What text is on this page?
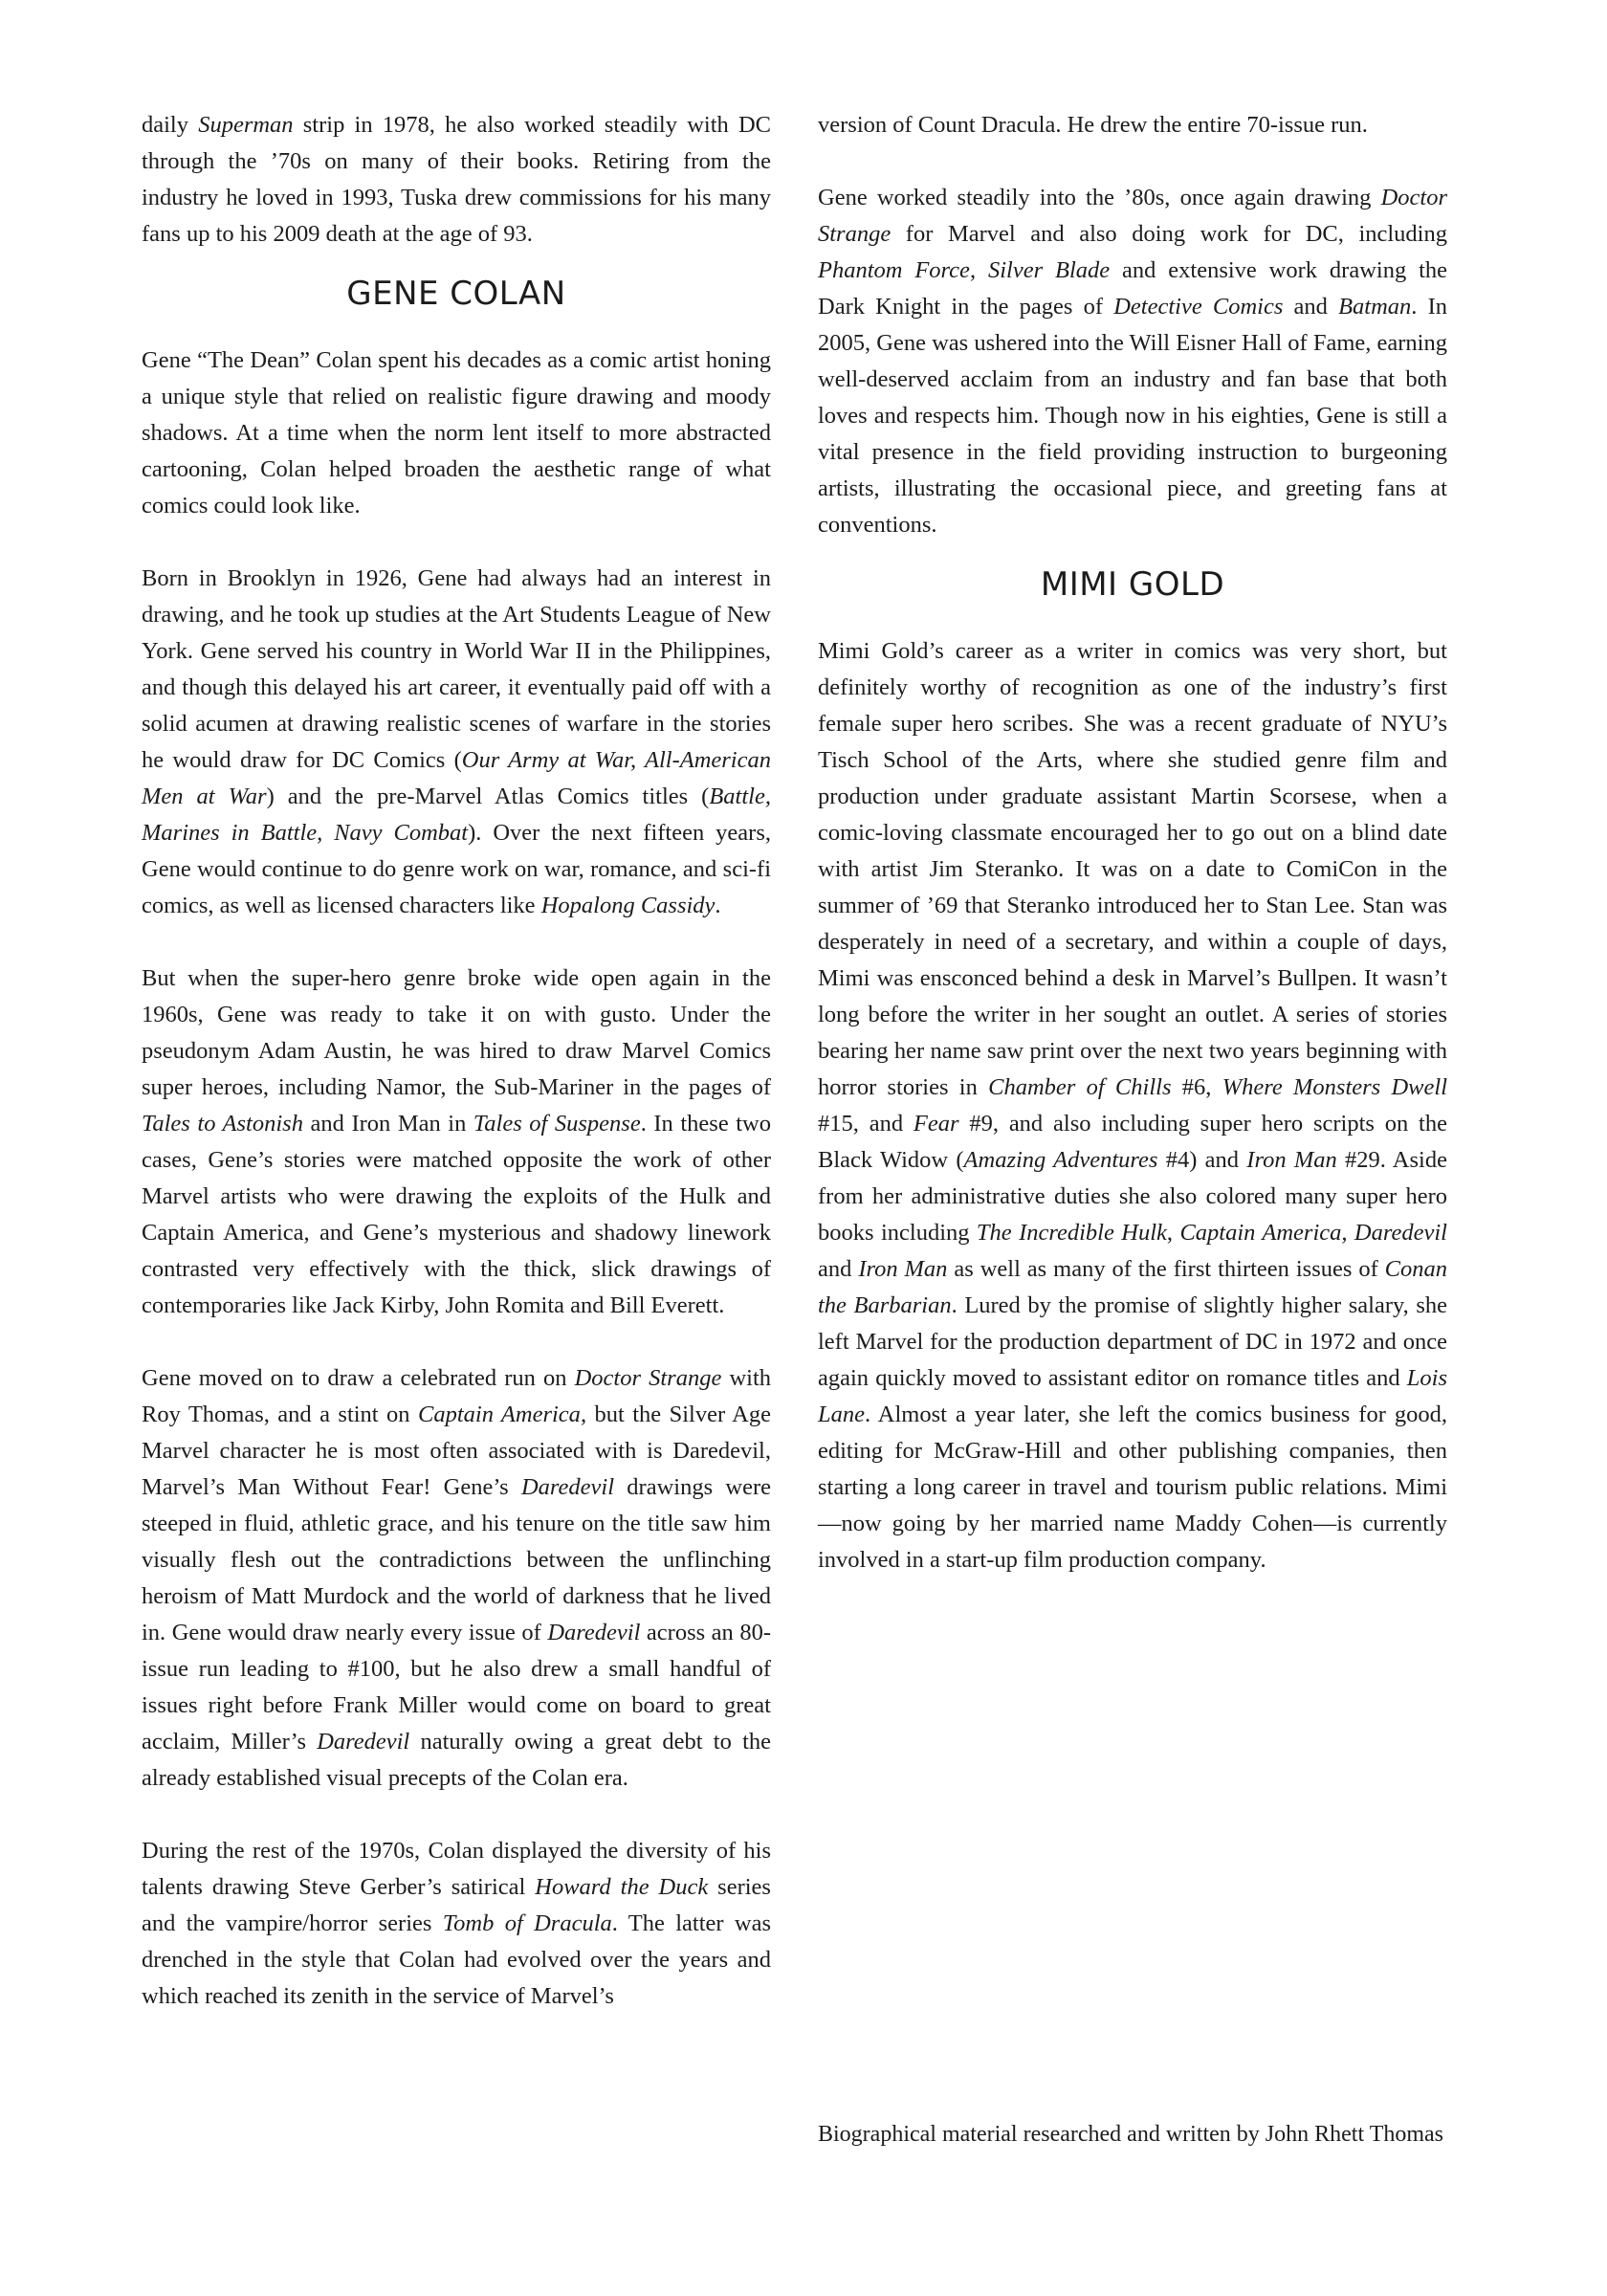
daily Superman strip in 1978, he also worked steadily with DC through the ’70s on many of their books. Retiring from the industry he loved in 1993, Tuska drew commissions for his many fans up to his 2009 death at the age of 93.

GENE COLAN

Gene “The Dean” Colan spent his decades as a comic artist honing a unique style that relied on realistic figure drawing and moody shadows. At a time when the norm lent itself to more abstracted cartooning, Colan helped broaden the aesthetic range of what comics could look like.

Born in Brooklyn in 1926, Gene had always had an interest in drawing, and he took up studies at the Art Students League of New York. Gene served his country in World War II in the Philippines, and though this delayed his art career, it eventually paid off with a solid acumen at drawing realistic scenes of warfare in the stories he would draw for DC Comics (Our Army at War, All-American Men at War) and the pre-Marvel Atlas Comics titles (Battle, Marines in Battle, Navy Combat). Over the next fifteen years, Gene would continue to do genre work on war, romance, and sci-fi comics, as well as licensed characters like Hopalong Cassidy.

But when the super-hero genre broke wide open again in the 1960s, Gene was ready to take it on with gusto. Under the pseudonym Adam Austin, he was hired to draw Marvel Comics super heroes, including Namor, the Sub-Mariner in the pages of Tales to Astonish and Iron Man in Tales of Suspense. In these two cases, Gene’s stories were matched opposite the work of other Marvel artists who were drawing the exploits of the Hulk and Captain America, and Gene’s mysterious and shadowy linework contrasted very effectively with the thick, slick drawings of contemporaries like Jack Kirby, John Romita and Bill Everett.

Gene moved on to draw a celebrated run on Doctor Strange with Roy Thomas, and a stint on Captain America, but the Silver Age Marvel character he is most often associated with is Daredevil, Marvel’s Man Without Fear! Gene’s Daredevil drawings were steeped in fluid, athletic grace, and his tenure on the title saw him visually flesh out the contradictions between the unflinching heroism of Matt Murdock and the world of darkness that he lived in. Gene would draw nearly every issue of Daredevil across an 80-issue run leading to #100, but he also drew a small handful of issues right before Frank Miller would come on board to great acclaim, Miller’s Daredevil naturally owing a great debt to the already established visual precepts of the Colan era.

During the rest of the 1970s, Colan displayed the diversity of his talents drawing Steve Gerber’s satirical Howard the Duck series and the vampire/horror series Tomb of Dracula. The latter was drenched in the style that Colan had evolved over the years and which reached its zenith in the service of Marvel’s

version of Count Dracula. He drew the entire 70-issue run.

Gene worked steadily into the ’80s, once again drawing Doctor Strange for Marvel and also doing work for DC, including Phantom Force, Silver Blade and extensive work drawing the Dark Knight in the pages of Detective Comics and Batman. In 2005, Gene was ushered into the Will Eisner Hall of Fame, earning well-deserved acclaim from an industry and fan base that both loves and respects him. Though now in his eighties, Gene is still a vital presence in the field providing instruction to burgeoning artists, illustrating the occasional piece, and greeting fans at conventions.

MIMI GOLD

Mimi Gold’s career as a writer in comics was very short, but definitely worthy of recognition as one of the industry’s first female super hero scribes. She was a recent graduate of NYU’s Tisch School of the Arts, where she studied genre film and production under graduate assistant Martin Scorsese, when a comic-loving classmate encouraged her to go out on a blind date with artist Jim Steranko. It was on a date to ComiCon in the summer of ’69 that Steranko introduced her to Stan Lee. Stan was desperately in need of a secretary, and within a couple of days, Mimi was ensconced behind a desk in Marvel’s Bullpen. It wasn’t long before the writer in her sought an outlet. A series of stories bearing her name saw print over the next two years beginning with horror stories in Chamber of Chills #6, Where Monsters Dwell #15, and Fear #9, and also including super hero scripts on the Black Widow (Amazing Adventures #4) and Iron Man #29. Aside from her administrative duties she also colored many super hero books including The Incredible Hulk, Captain America, Daredevil and Iron Man as well as many of the first thirteen issues of Conan the Barbarian. Lured by the promise of slightly higher salary, she left Marvel for the production department of DC in 1972 and once again quickly moved to assistant editor on romance titles and Lois Lane. Almost a year later, she left the comics business for good, editing for McGraw-Hill and other publishing companies, then starting a long career in travel and tourism public relations. Mimi—now going by her married name Maddy Cohen—is currently involved in a start-up film production company.

Biographical material researched and written by John Rhett Thomas
